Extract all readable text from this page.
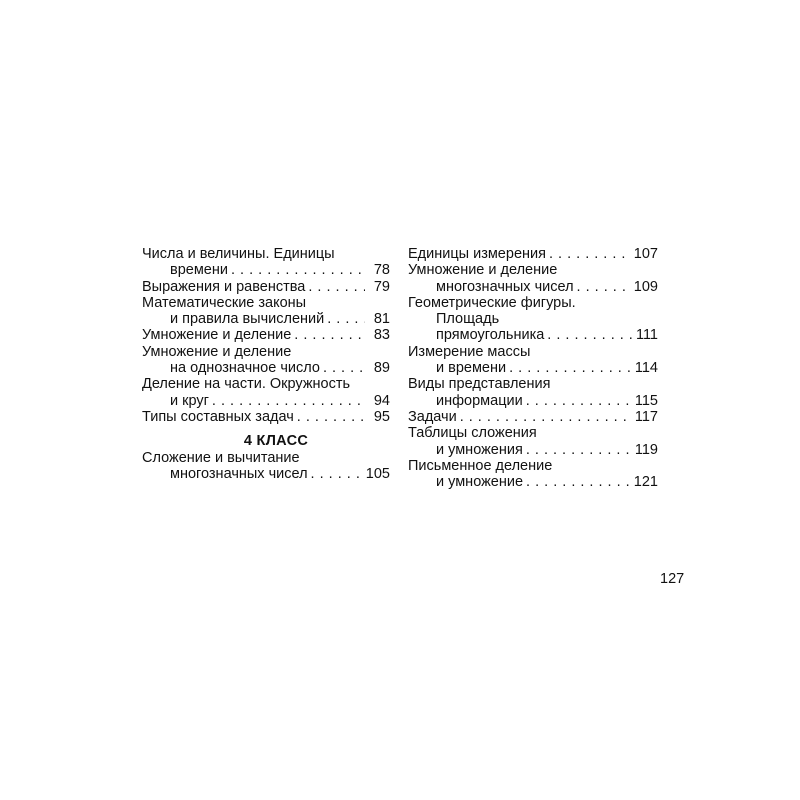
Числа и величины. Единицы
времени . . .	78
Выражения и равенства . . .	79
Математические законы
и правила вычислений . . .	81
Умножение и деление . . .	83
Умножение и деление
на однозначное число . . .	89
Деление на части. Окружность
и круг . . .	94
Типы составных задач . . .	95
4 КЛАСС
Сложение и вычитание
многозначных чисел . . .	105
Единицы измерения . . .	107
Умножение и деление
многозначных чисел . . .	109
Геометрические фигуры.
Площадь
прямоугольника . . .	111
Измерение массы
и времени . . .	114
Виды представления
информации . . .	115
Задачи . . .	117
Таблицы сложения
и умножения . . .	119
Письменное деление
и умножение . . .	121
127
